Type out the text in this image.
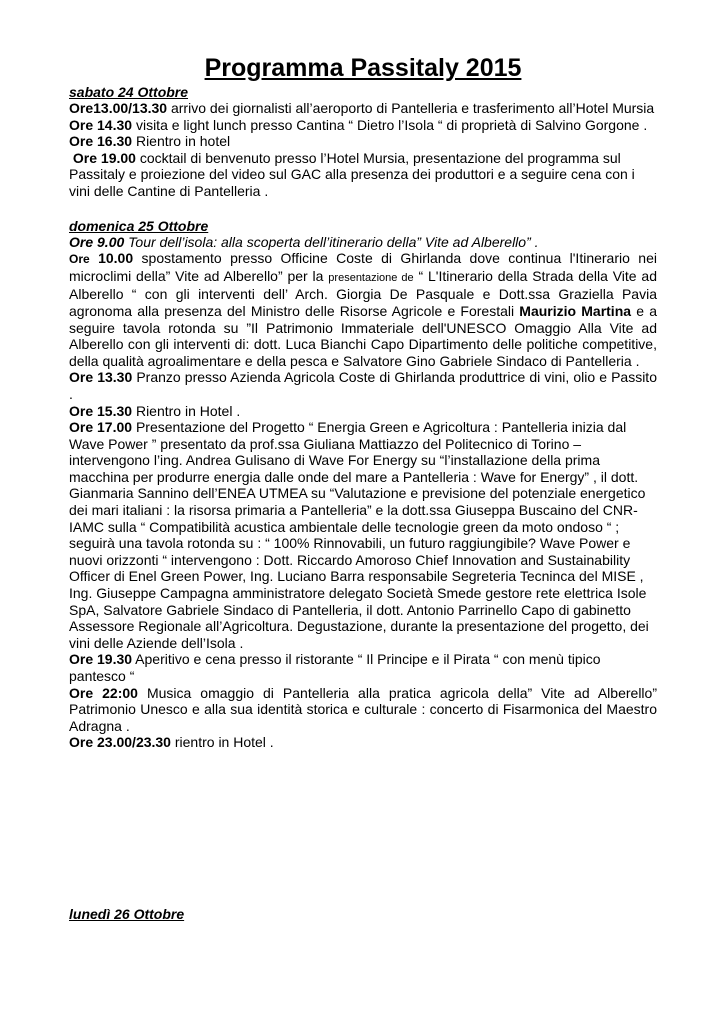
Programma Passitaly 2015

sabato 24 Ottobre

Ore13.00/13.30 arrivo dei giornalisti all’aeroporto di Pantelleria e trasferimento all’Hotel Mursia Ore 14.30 visita e light lunch presso Cantina “ Dietro l’Isola “ di proprietà di Salvino Gorgone .

Ore 16.30 Rientro in hotel

Ore 19.00 cocktail di benvenuto presso l’Hotel Mursia, presentazione del programma sul Passitaly e proiezione del video sul GAC alla presenza dei produttori e a seguire cena con i vini delle Cantine di Pantelleria .

domenica 25 Ottobre

Ore 9.00 Tour dell’isola: alla scoperta dell’itinerario della” Vite ad Alberello” .

Ore 10.00 spostamento presso Officine Coste di Ghirlanda dove continua l'Itinerario nei microclimi della” Vite ad Alberello” per la presentazione de “ L'Itinerario della Strada della Vite ad Alberello “ con gli interventi dell’ Arch. Giorgia De Pasquale e Dott.ssa Graziella Pavia agronoma alla presenza del Ministro delle Risorse Agricole e Forestali Maurizio Martina e a seguire tavola rotonda su ”Il Patrimonio Immateriale dell'UNESCO Omaggio Alla Vite ad Alberello con gli interventi di: dott. Luca Bianchi Capo Dipartimento delle politiche competitive, della qualità agroalimentare e della pesca e Salvatore Gino Gabriele Sindaco di Pantelleria .

Ore 13.30 Pranzo presso Azienda Agricola Coste di Ghirlanda produttrice di vini, olio e Passito .

Ore 15.30 Rientro in Hotel .

Ore 17.00 Presentazione del Progetto “ Energia Green e Agricoltura : Pantelleria inizia dal Wave Power ” presentato da prof.ssa Giuliana Mattiazzo del Politecnico di Torino – intervengono l’ing. Andrea Gulisano di Wave For Energy su “l’installazione della prima macchina per produrre energia dalle onde del mare a Pantelleria : Wave for Energy” , il dott. Gianmaria Sannino dell’ENEA UTMEA su “Valutazione e previsione del potenziale energetico dei mari italiani : la risorsa primaria a Pantelleria” e la dott.ssa Giuseppa Buscaino del CNR-IAMC sulla “ Compatibilità acustica ambientale delle tecnologie green da moto ondoso “ ; seguirà una tavola rotonda su : “ 100% Rinnovabili, un futuro raggiungibile? Wave Power e nuovi orizzonti “ intervengono : Dott. Riccardo Amoroso Chief Innovation and Sustainability Officer di Enel Green Power, Ing. Luciano Barra responsabile Segreteria Tecninca del MISE , Ing. Giuseppe Campagna amministratore delegato Società Smede gestore rete elettrica Isole SpA, Salvatore Gabriele Sindaco di Pantelleria, il dott. Antonio Parrinello Capo di gabinetto Assessore Regionale all’Agricoltura. Degustazione, durante la presentazione del progetto, dei vini delle Aziende dell’Isola .

Ore 19.30 Aperitivo e cena presso il ristorante “ Il Principe e il Pirata “ con menù tipico pantesco “

Ore 22:00 Musica omaggio di Pantelleria alla pratica agricola della” Vite ad Alberello” Patrimonio Unesco e alla sua identità storica e culturale : concerto di Fisarmonica del Maestro Adragna .

Ore 23.00/23.30 rientro in Hotel .

lunedì 26 Ottobre
